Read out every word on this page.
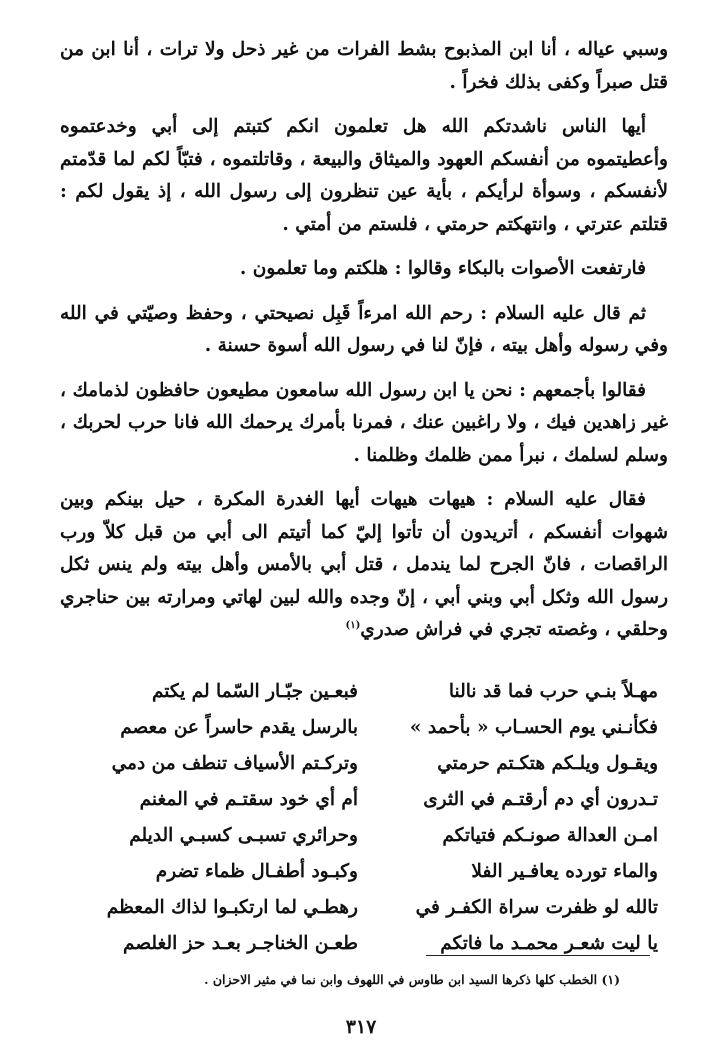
وسبي عياله ، أنا ابن المذبوح بشط الفرات من غير ذحل ولا ترات ، أنا ابن من قتل صبراً وكفى بذلك فخراً .

أيها الناس ناشدتكم الله هل تعلمون انكم كتبتم إلى أبي وخدعتموه وأعطيتموه من أنفسكم العهود والميثاق والبيعة ، وقاتلتموه ، فتبّاً لكم لما قدّمتم لأنفسكم ، وسوأة لرأيكم ، بأية عين تنظرون إلى رسول الله ، إذ يقول لكم : قتلتم عترتي ، وانتهكتم حرمتي ، فلستم من أمتي .

فارتفعت الأصوات بالبكاء وقالوا : هلكتم وما تعلمون .

ثم قال عليه السلام : رحم الله امرءاً قَبِل نصيحتي ، وحفظ وصيّتي في الله وفي رسوله وأهل بيته ، فإنّ لنا في رسول الله أسوة حسنة .

فقالوا بأجمعهم : نحن يا ابن رسول الله سامعون مطيعون حافظون لذمامك ، غير زاهدين فيك ، ولا راغبين عنك ، فمرنا بأمرك يرحمك الله فانا حرب لحربك ، وسلم لسلمك ، نبرأ ممن ظلمك وظلمنا .

فقال عليه السلام : هيهات هيهات أيها الغدرة المكرة ، حيل بينكم وبين شهوات أنفسكم ، أتريدون أن تأتوا إليّ كما أتيتم الى أبي من قبل كلاّ ورب الراقصات ، فانّ الجرح لما يندمل ، قتل أبي بالأمس وأهل بيته ولم ينس ثكل رسول الله وثكل أبي وبني أبي ، إنّ وجده والله لبين لهاتي ومرارته بين حناجري وحلقي ، وغصته تجري في فراش صدري$^{(١)}$

مهـلاً بنـي حرب فما قد نالنا
فبعـين جبّـار السّما لم يكتم
فكأنـني يوم الحسـاب « بأحمد »
بالرسل يقدم حاسراً عن معصم
ويقـول ويلـكم هتكـتم حرمتي
وتركـتم الأسياف تنطف من دمي
تـدرون أي دم أرقتـم في الثرى
أم أي خود سقتـم في المغنم
امـن العدالة صونـكم فتياتكم
وحرائري تسبـى كسبـي الديلم
والماء تورده يعافـير الفلا
وكبـود أطفـال ظماء تضرم
تالله لو ظفرت سراة الكفـر في
رهطـي لما ارتكبـوا لذاك المعظم
يا ليت شعـر محمـد ما فاتكم
طعـن الخناجـر بعـد حز الغلصم
(١) الخطب كلها ذكرها السيد ابن طاوس في اللهوف وابن نما في مثير الاحزان .
٣١٧
